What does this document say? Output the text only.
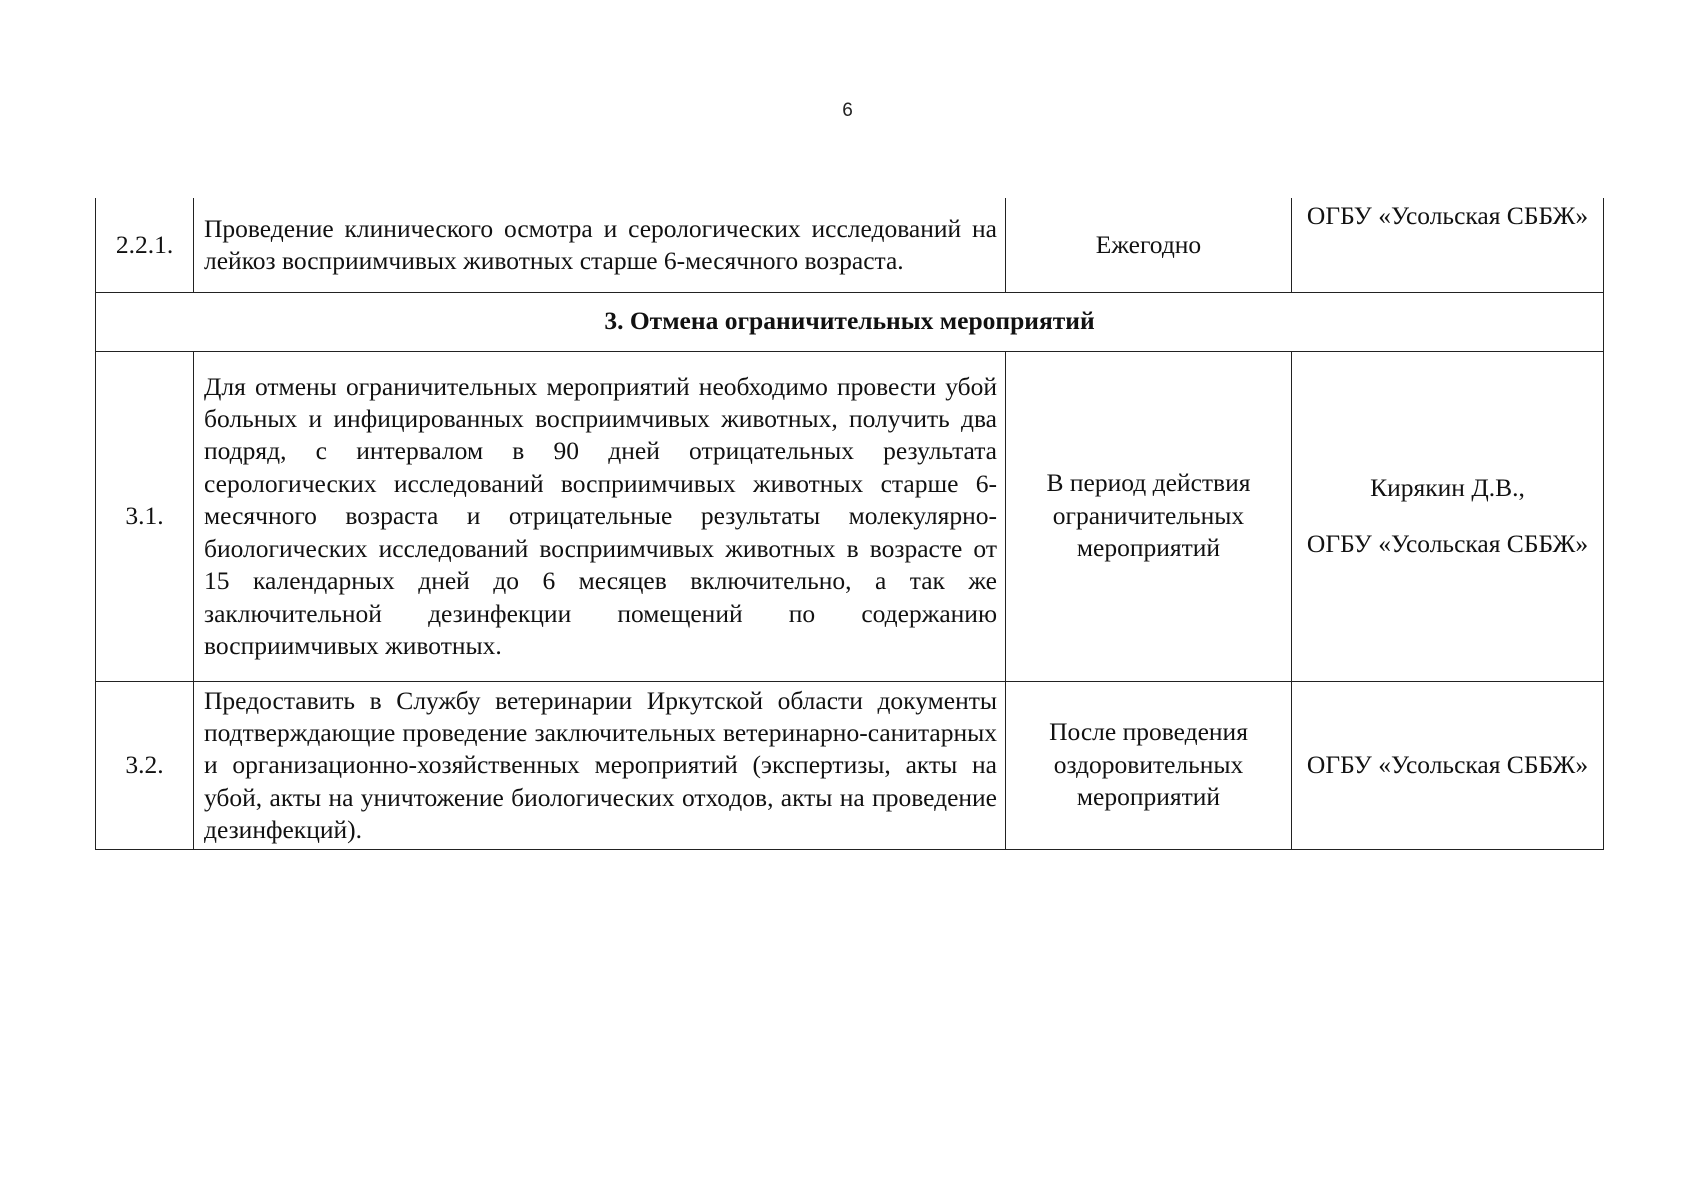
6
2.2.1.	Проведение клинического осмотра и серологических исследований на лейкоз восприимчивых животных старше 6-месячного возраста.	Ежегодно	ОГБУ «Усольская СББЖ»
3. Отмена ограничительных мероприятий			
3.1.	Для отмены ограничительных мероприятий необходимо провести убой больных и инфицированных восприимчивых животных, получить два подряд, с интервалом в 90 дней отрицательных результата серологических исследований восприимчивых животных старше 6-месячного возраста и отрицательные результаты молекулярно-биологических исследований восприимчивых животных в возрасте от 15 календарных дней до 6 месяцев включительно, а так же заключительной дезинфекции помещений по содержанию восприимчивых животных.	В период действия ограничительных мероприятий	Кирякин Д.В.,
ОГБУ «Усольская СББЖ»
3.2.	Предоставить в Службу ветеринарии Иркутской области документы подтверждающие проведение заключительных ветеринарно-санитарных и организационно-хозяйственных мероприятий (экспертизы, акты на убой, акты на уничтожение биологических отходов, акты на проведение дезинфекций).	После проведения оздоровительных мероприятий	ОГБУ «Усольская СББЖ»
